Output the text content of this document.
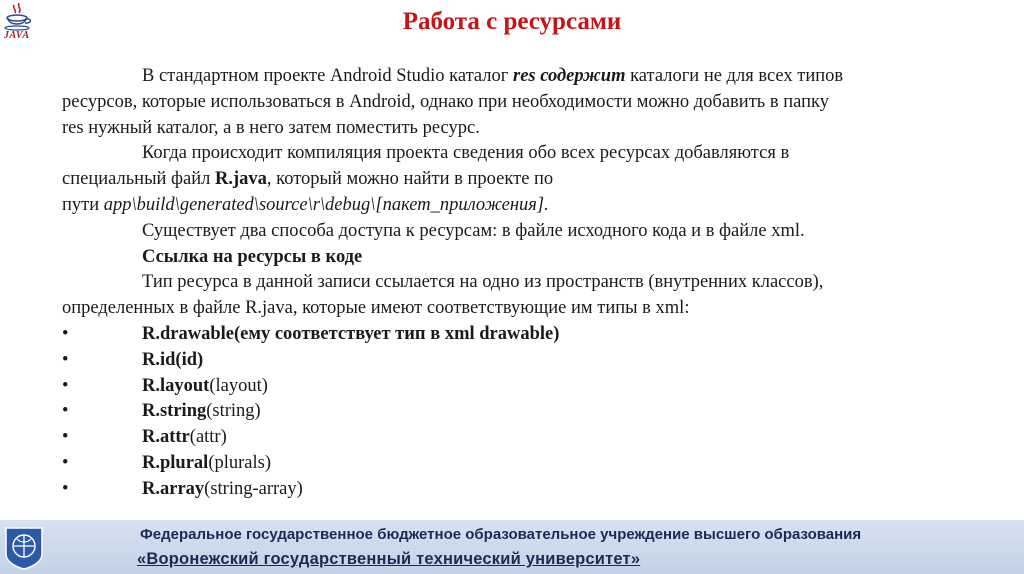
JAVA
Работа с ресурсами
В стандартном проекте Android Studio каталог res содержит каталоги не для всех типов
ресурсов, которые использоваться в Android, однако при необходимости можно добавить в папку
res нужный каталог, а в него затем поместить ресурс.
Когда происходит компиляция проекта сведения обо всех ресурсах добавляются в
специальный файл R.java, который можно найти в проекте по
пути app\build\generated\source\r\debug\[пакет_приложения].
Существует два способа доступа к ресурсам: в файле исходного кода и в файле xml.
Ссылка на ресурсы в коде
Тип ресурса в данной записи ссылается на одно из пространств (внутренних классов),
определенных в файле R.java, которые имеют соответствующие им типы в xml:
•	R.drawable (ему соответствует тип в xml drawable)
•	R.id (id)
•	R.layout (layout)
•	R.string (string)
•	R.attr (attr)
•	R.plural (plurals)
•	R.array (string-array)
Федеральное государственное бюджетное образовательное учреждение высшего образования
«Воронежский государственный технический университет»
